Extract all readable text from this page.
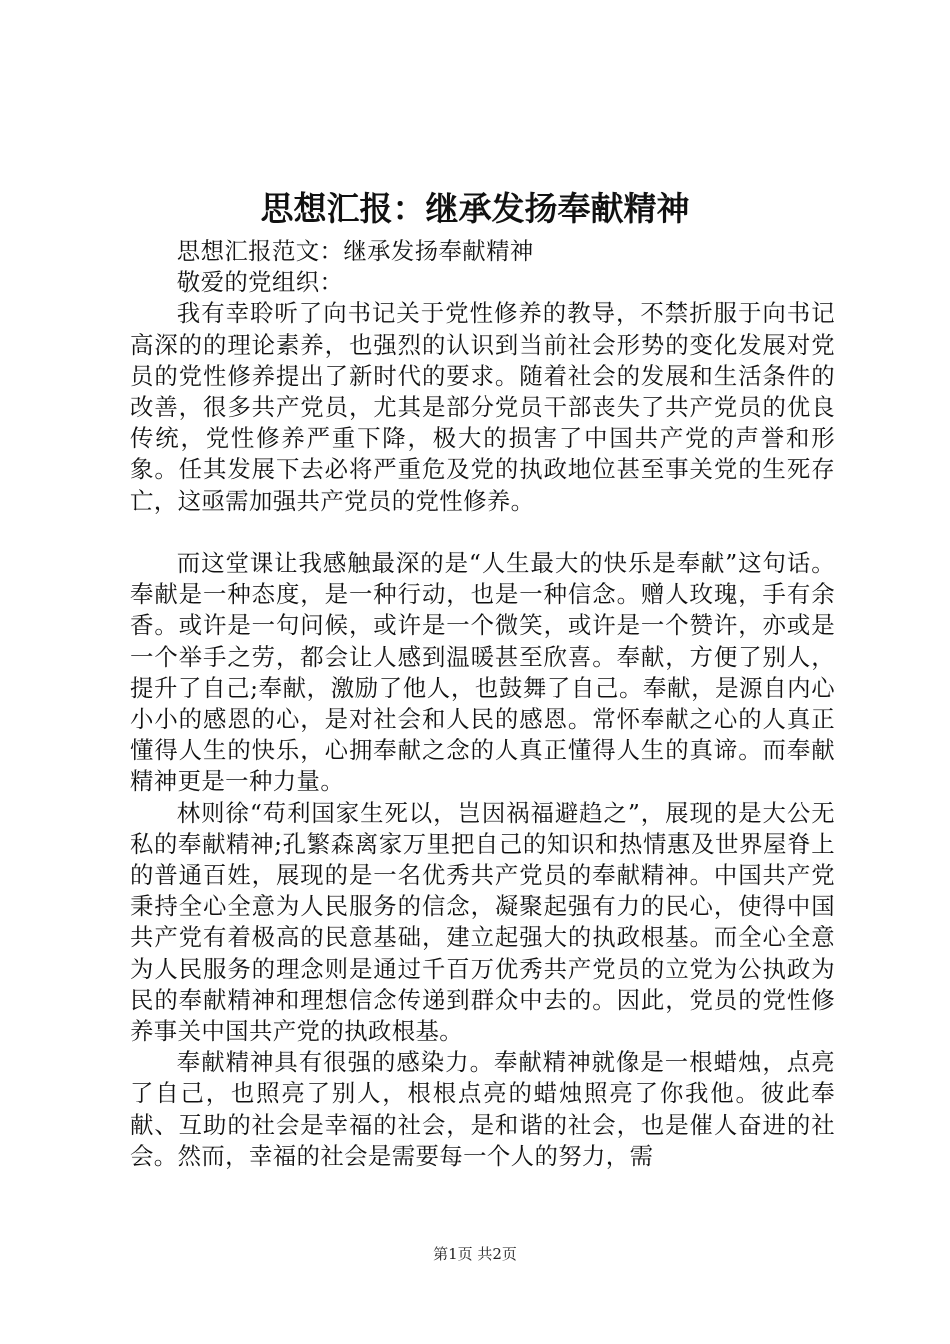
思想汇报：继承发扬奉献精神

思想汇报范文：继承发扬奉献精神

敬爱的党组织：

我有幸聆听了向书记关于党性修养的教导，不禁折服于向书记高深的的理论素养，也强烈的认识到当前社会形势的变化发展对党员的党性修养提出了新时代的要求。随着社会的发展和生活条件的改善，很多共产党员，尤其是部分党员干部丧失了共产党员的优良传统，党性修养严重下降，极大的损害了中国共产党的声誉和形象。任其发展下去必将严重危及党的执政地位甚至事关党的生死存亡，这亟需加强共产党员的党性修养。

而这堂课让我感触最深的是“人生最大的快乐是奉献”这句话。奉献是一种态度，是一种行动，也是一种信念。赠人玫瑰，手有余香。或许是一句问候，或许是一个微笑，或许是一个赞许，亦或是一个举手之劳，都会让人感到温暖甚至欣喜。奉献，方便了别人，提升了自己;奉献，激励了他人，也鼓舞了自己。奉献，是源自内心小小的感恩的心，是对社会和人民的感恩。常怀奉献之心的人真正懂得人生的快乐，心拥奉献之念的人真正懂得人生的真谛。而奉献精神更是一种力量。

林则徐“苟利国家生死以，岂因祸福避趋之”，展现的是大公无私的奉献精神;孔繁森离家万里把自己的知识和热情惠及世界屋脊上的普通百姓，展现的是一名优秀共产党员的奉献精神。中国共产党秉持全心全意为人民服务的信念，凝聚起强有力的民心，使得中国共产党有着极高的民意基础，建立起强大的执政根基。而全心全意为人民服务的理念则是通过千百万优秀共产党员的立党为公执政为民的奉献精神和理想信念传递到群众中去的。因此，党员的党性修养事关中国共产党的执政根基。

奉献精神具有很强的感染力。奉献精神就像是一根蜡烛，点亮了自己，也照亮了别人，根根点亮的蜡烛照亮了你我他。彼此奉献、互助的社会是幸福的社会，是和谐的社会，也是催人奋进的社会。然而，幸福的社会是需要每一个人的努力，需

第1页 共2页
